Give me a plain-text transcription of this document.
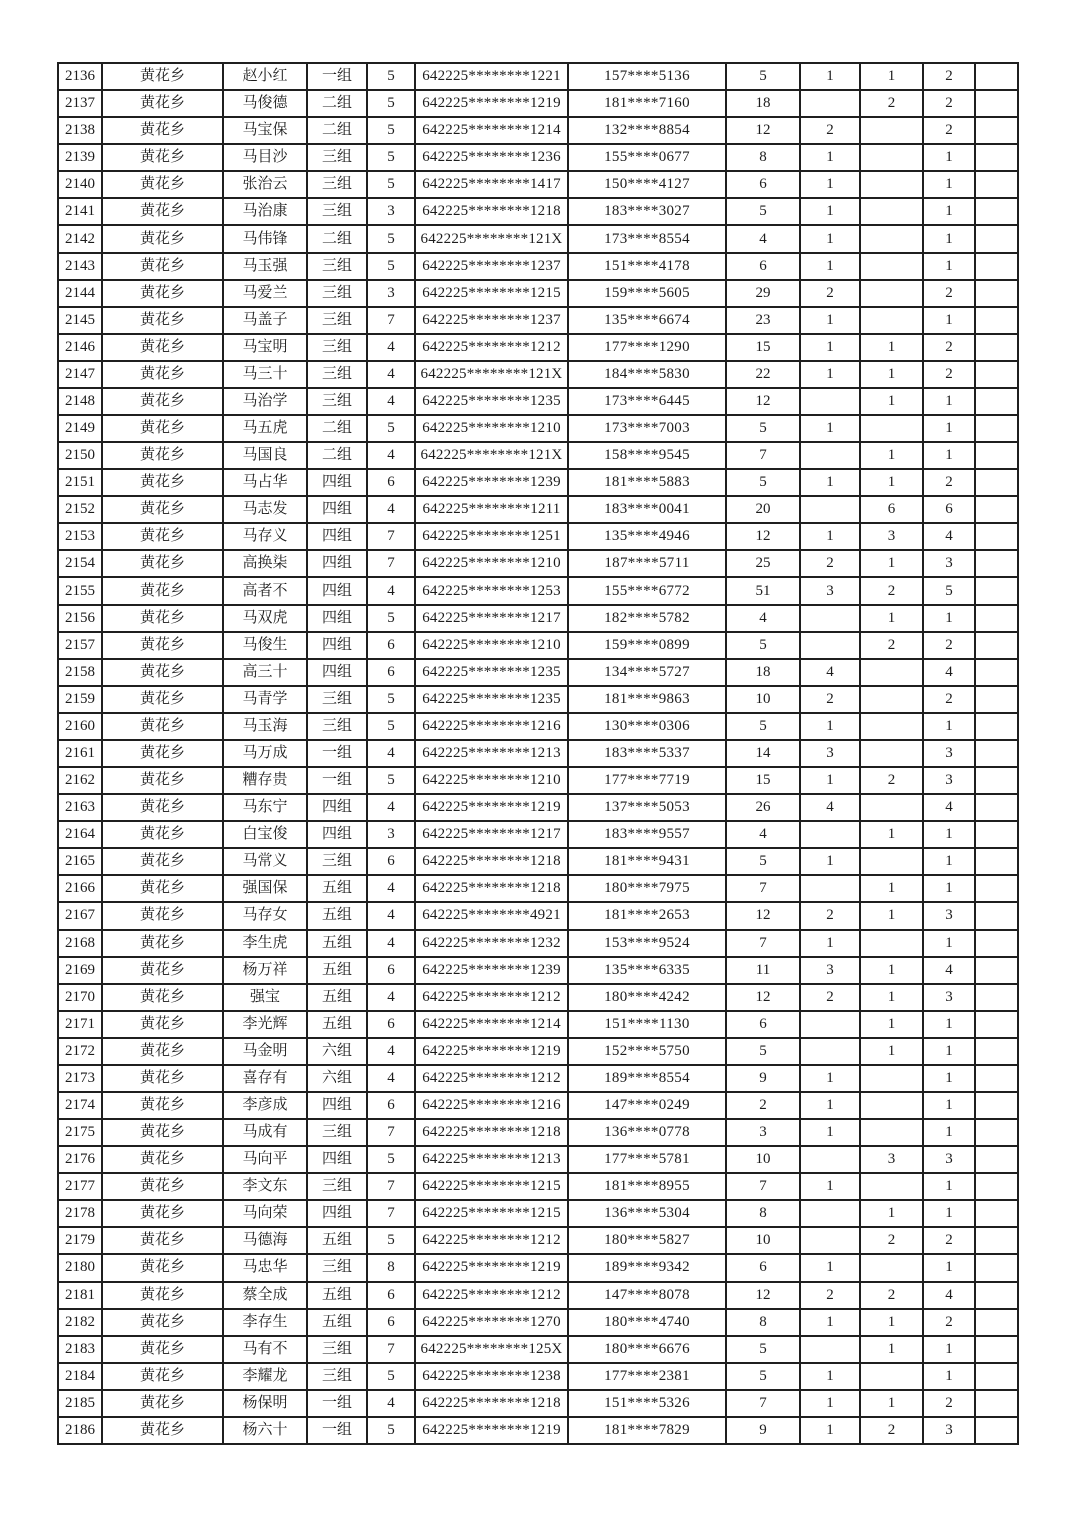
2136	黄花乡	赵小红	一组	5	642225********1221	157****5136	5	1	1	2	
2137	黄花乡	马俊德	二组	5	642225********1219	181****7160	18		2	2	
2138	黄花乡	马宝保	二组	5	642225********1214	132****8854	12	2		2	
2139	黄花乡	马目沙	三组	5	642225********1236	155****0677	8	1		1	
2140	黄花乡	张治云	三组	5	642225********1417	150****4127	6	1		1	
2141	黄花乡	马治康	三组	3	642225********1218	183****3027	5	1		1	
2142	黄花乡	马伟锋	二组	5	642225********121X	173****8554	4	1		1	
2143	黄花乡	马玉强	三组	5	642225********1237	151****4178	6	1		1	
2144	黄花乡	马爱兰	三组	3	642225********1215	159****5605	29	2		2	
2145	黄花乡	马盖子	三组	7	642225********1237	135****6674	23	1		1	
2146	黄花乡	马宝明	三组	4	642225********1212	177****1290	15	1	1	2	
2147	黄花乡	马三十	三组	4	642225********121X	184****5830	22	1	1	2	
2148	黄花乡	马治学	三组	4	642225********1235	173****6445	12		1	1	
2149	黄花乡	马五虎	二组	5	642225********1210	173****7003	5	1		1	
2150	黄花乡	马国良	二组	4	642225********121X	158****9545	7		1	1	
2151	黄花乡	马占华	四组	6	642225********1239	181****5883	5	1	1	2	
2152	黄花乡	马志发	四组	4	642225********1211	183****0041	20		6	6	
2153	黄花乡	马存义	四组	7	642225********1251	135****4946	12	1	3	4	
2154	黄花乡	高换柒	四组	7	642225********1210	187****5711	25	2	1	3	
2155	黄花乡	高者不	四组	4	642225********1253	155****6772	51	3	2	5	
2156	黄花乡	马双虎	四组	5	642225********1217	182****5782	4		1	1	
2157	黄花乡	马俊生	四组	6	642225********1210	159****0899	5		2	2	
2158	黄花乡	高三十	四组	6	642225********1235	134****5727	18	4		4	
2159	黄花乡	马青学	三组	5	642225********1235	181****9863	10	2		2	
2160	黄花乡	马玉海	三组	5	642225********1216	130****0306	5	1		1	
2161	黄花乡	马万成	一组	4	642225********1213	183****5337	14	3		3	
2162	黄花乡	糟存贵	一组	5	642225********1210	177****7719	15	1	2	3	
2163	黄花乡	马东宁	四组	4	642225********1219	137****5053	26	4		4	
2164	黄花乡	白宝俊	四组	3	642225********1217	183****9557	4		1	1	
2165	黄花乡	马常义	三组	6	642225********1218	181****9431	5	1		1	
2166	黄花乡	强国保	五组	4	642225********1218	180****7975	7		1	1	
2167	黄花乡	马存女	五组	4	642225********4921	181****2653	12	2	1	3	
2168	黄花乡	李生虎	五组	4	642225********1232	153****9524	7	1		1	
2169	黄花乡	杨万祥	五组	6	642225********1239	135****6335	11	3	1	4	
2170	黄花乡	强宝	五组	4	642225********1212	180****4242	12	2	1	3	
2171	黄花乡	李光辉	五组	6	642225********1214	151****1130	6		1	1	
2172	黄花乡	马金明	六组	4	642225********1219	152****5750	5		1	1	
2173	黄花乡	喜存有	六组	4	642225********1212	189****8554	9	1		1	
2174	黄花乡	李彦成	四组	6	642225********1216	147****0249	2	1		1	
2175	黄花乡	马成有	三组	7	642225********1218	136****0778	3	1		1	
2176	黄花乡	马向平	四组	5	642225********1213	177****5781	10		3	3	
2177	黄花乡	李文东	三组	7	642225********1215	181****8955	7	1		1	
2178	黄花乡	马向荣	四组	7	642225********1215	136****5304	8		1	1	
2179	黄花乡	马德海	五组	5	642225********1212	180****5827	10		2	2	
2180	黄花乡	马忠华	三组	8	642225********1219	189****9342	6	1		1	
2181	黄花乡	蔡全成	五组	6	642225********1212	147****8078	12	2	2	4	
2182	黄花乡	李存生	五组	6	642225********1270	180****4740	8	1	1	2	
2183	黄花乡	马有不	三组	7	642225********125X	180****6676	5		1	1	
2184	黄花乡	李耀龙	三组	5	642225********1238	177****2381	5	1		1	
2185	黄花乡	杨保明	一组	4	642225********1218	151****5326	7	1	1	2	
2186	黄花乡	杨六十	一组	5	642225********1219	181****7829	9	1	2	3	
